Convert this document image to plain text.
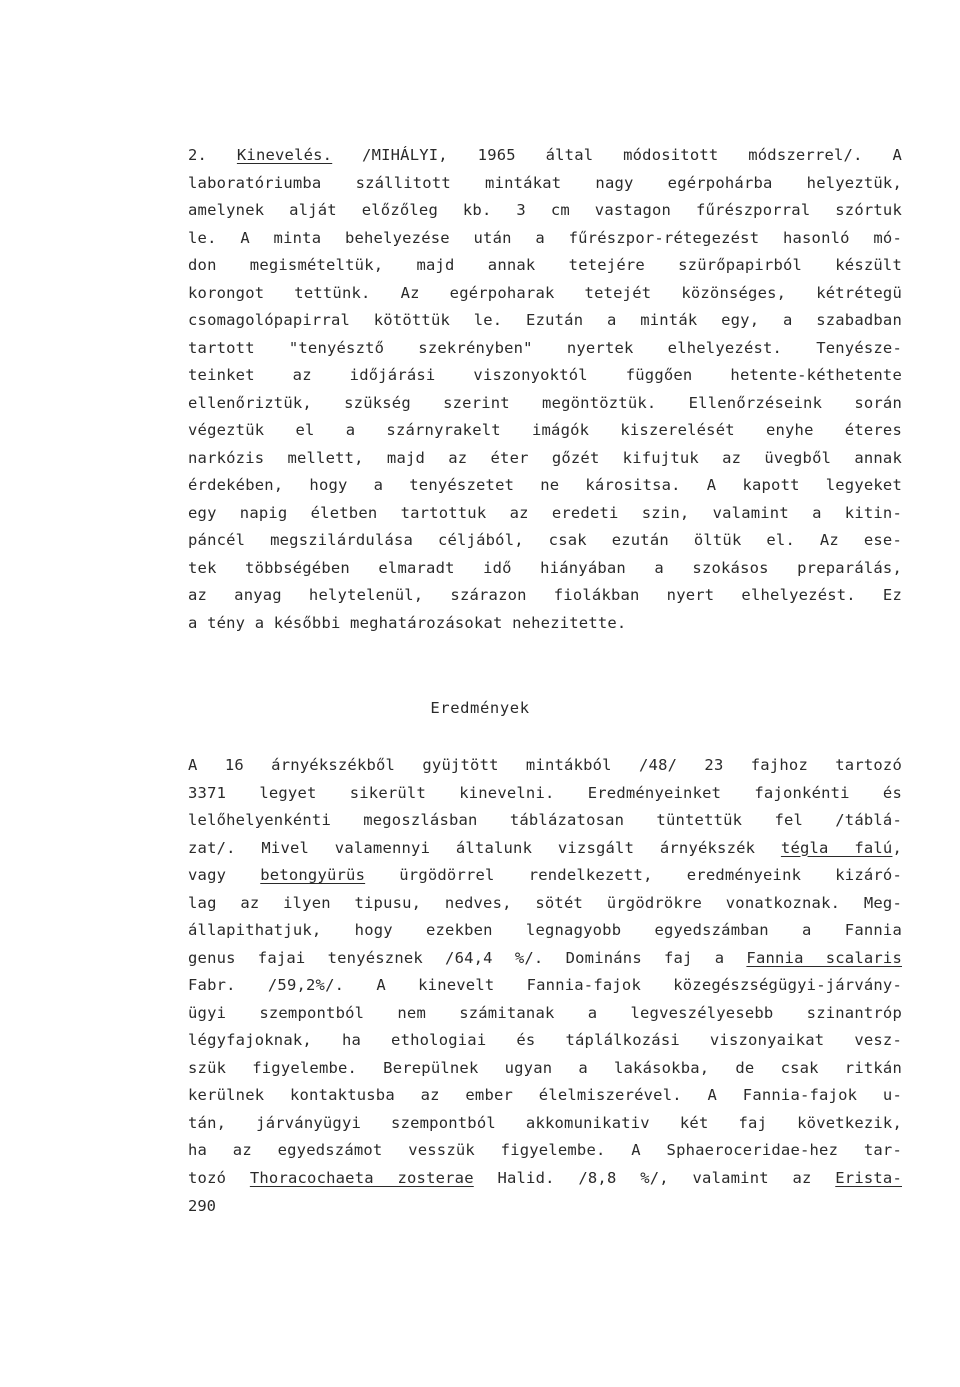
2. Kinevelés. /MIHÁLYI, 1965 által módositott módszerrel/. A
laboratóriumba szállitott mintákat nagy egérpohárba helyeztük,
amelynek alját előzőleg kb. 3 cm vastagon fűrészporral szórtuk
le. A minta behelyezése után a fűrészpor-rétegezést hasonló mó-
don megismételtük, majd annak tetejére szürőpapirból készült
korongot tettünk. Az egérpoharak tetejét közönséges, kétrétegü
csomagolópapirral kötöttük le. Ezután a minták egy, a szabadban
tartott "tenyésztő szekrényben" nyertek elhelyezést. Tenyésze-
teinket az időjárási viszonyoktól függően hetente-kéthetente
ellenőriztük, szükség szerint megöntöztük. Ellenőrzéseink során
végeztük el a szárnyrakelt imágók kiszerelését enyhe éteres
narkózis mellett, majd az éter gőzét kifujtuk az üvegből annak
érdekében, hogy a tenyészetet ne kárositsa. A kapott legyeket
egy napig életben tartottuk az eredeti szin, valamint a kitin-
páncél megszilárdulása céljából, csak ezután öltük el. Az ese-
tek többségében elmaradt idő hiányában a szokásos preparálás,
az anyag helytelenül, szárazon fiolákban nyert elhelyezést. Ez
a tény a későbbi meghatározásokat nehezitette.
Eredmények
A 16 árnyékszékből gyüjtött mintákból /48/ 23 fajhoz tartozó
3371 legyet sikerült kinevelni. Eredményeinket fajonkénti és
lelőhelyenkénti megoszlásban táblázatosan tüntettük fel /táblá-
zat/. Mivel valamennyi általunk vizsgált árnyékszék tégla falú,
vagy betongyürüs ürgödörrel rendelkezett, eredményeink kizáró-
lag az ilyen tipusu, nedves, sötét ürgödrökre vonatkoznak. Meg-
állapithatjuk, hogy ezekben legnagyobb egyedszámban a Fannia
genus fajai tenyésznek /64,4 %/. Domináns faj a Fannia scalaris
Fabr. /59,2%/. A kinevelt Fannia-fajok közegészségügyi-járvány-
ügyi szempontból nem számitanak a legveszélyesebb szinantróp
légyfajoknak, ha ethologiai és táplálkozási viszonyaikat vesz-
szük figyelembe. Berepülnek ugyan a lakásokba, de csak ritkán
kerülnek kontaktusba az ember élelmiszerével. A Fannia-fajok u-
tán, járványügyi szempontból akkomunikativ két faj következik,
ha az egyedszámot vesszük figyelembe. A Sphaeroceridae-hez tar-
tozó Thoracochaeta zosterae Halid. /8,8 %/, valamint az Erista-
290
